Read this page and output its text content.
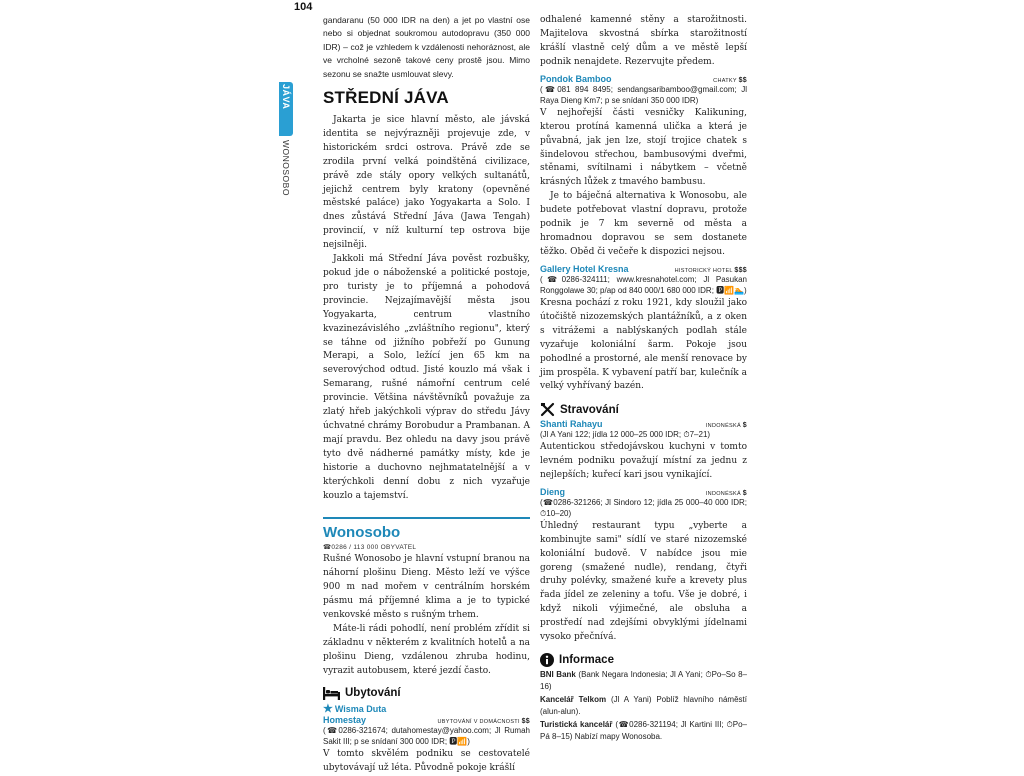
104
JÁVA
WONOSOBO

gandaranu (50 000 IDR na den) a jet po vlastní ose nebo si objednat soukromou autodopravu (350 000 IDR) – což je vzhledem k vzdálenosti nehoráznost, ale ve vrcholné sezoně takové ceny prostě jsou. Mimo sezonu se snažte usmlouvat slevy.

STŘEDNÍ JÁVA

Jakarta je sice hlavní město, ale jávská identita se nejvýrazněji projevuje zde, v historickém srdci ostrova. Právě zde se zrodila první velká poindštěná civilizace, právě zde stály opory velkých sultanátů, jejichž centrem byly kratony (opevněné městské paláce) jako Yogyakarta a Solo. I dnes zůstává Střední Jáva (Jawa Tengah) provincií, v níž kulturní tep ostrova bije nejsilněji.

Jakkoli má Střední Jáva pověst rozbušky, pokud jde o náboženské a politické postoje, pro turisty je to příjemná a pohodová provincie. Nejzajímavější města jsou Yogyakarta, centrum vlastního kvazinezávislého „zvláštního regionu", který se táhne od jižního pobřeží po Gunung Merapi, a Solo, ležící jen 65 km na severovýchod odtud. Jisté kouzlo má však i Semarang, rušné námořní centrum celé provincie. Většina návštěvníků považuje za zlatý hřeb jakýchkoli výprav do středu Jávy úchvatné chrámy Borobudur a Prambanan. A mají pravdu. Bez ohledu na davy jsou právě tyto dvě nádherné památky místy, kde je historie a duchovno nejhmatatelnější a v kterýchkoli denní dobu z nich vyzařuje kouzlo a tajemství.

Wonosobo
☎0286 / 113 000 OBYVATEL

Rušné Wonosobo je hlavní vstupní branou na náhorní plošinu Dieng. Město leží ve výšce 900 m nad mořem v centrálním horském pásmu má příjemné klima a je to typické venkovské město s rušným trhem.

Máte-li rádi pohodlí, není problém zřídit si základnu v některém z kvalitních hotelů a na plošinu Dieng, vzdálenou zhruba hodinu, vyrazit autobusem, které jezdí často.

Ubytování
★ Wisma Duta
Homestay	UBYTOVÁNÍ V DOMÁCNOSTI $$

(☎0286-321674; dutahomestay@yahoo.com; Jl Rumah Sakit III; p se snídaní 300 000 IDR; 🅿📶)

V tomto skvělém podniku se cestovatelé ubytovávají už léta. Původně pokoje krášlí

odhalené kamenné stěny a starožitnosti. Majitelova skvostná sbírka starožitností krášlí vlastně celý dům a ve městě lepší podnik nenajdete. Rezervujte předem.

Pondok Bamboo	CHATKY $$

(☎081 894 8495; sendangsaribamboo@gmail.com; Jl Raya Dieng Km7; p se snídaní 350 000 IDR)

V nejhořejší části vesničky Kalikuning, kterou protíná kamenná ulička a která je půvabná, jak jen lze, stojí trojice chatek s šindelovou střechou, bambusovými dveřmi, stěnami, svítilnami i nábytkem – včetně krásných lůžek z tmavého bambusu.

Je to báječná alternativa k Wonosobu, ale budete potřebovat vlastní dopravu, protože podnik je 7 km severně od města a hromadnou dopravou se sem dostanete těžko. Oběd či večeře k dispozici nejsou.

Gallery Hotel Kresna	HISTORICKÝ HOTEL $$$

(☎0286-324111; www.kresnahotel.com; Jl Pasukan Ronggolawe 30; p/ap od 840 000/1 680 000 IDR; 🅿📶🏊)

Kresna pochází z roku 1921, kdy sloužil jako útočiště nizozemských plantážníků, a z oken s vitrážemi a nablýskaných podlah stále vyzařuje koloniální šarm. Pokoje jsou pohodlné a prostorné, ale menší renovace by jim prospěla. K vybavení patří bar, kulečník a velký vyhřívaný bazén.

Stravování
Shanti Rahayu	INDONÉSKÁ $

(Jl A Yani 122; jídla 12 000–25 000 IDR; ⏱7–21)

Autentickou středojávskou kuchyni v tomto levném podniku považují místní za jednu z nejlepších; kuřecí kari jsou vynikající.

Dieng	INDONÉSKÁ $

(☎0286-321266; Jl Sindoro 12; jídla 25 000–40 000 IDR; ⏱10–20)

Úhledný restaurant typu „vyberte a kombinujte sami" sídlí ve staré nizozemské koloniální budově. V nabídce jsou mie goreng (smažené nudle), rendang, čtyři druhy polévky, smažené kuře a krevety plus řada jídel ze zeleniny a tofu. Vše je dobré, i když nikoli výjimečné, ale obsluha a prostředí nad zdejšími obvyklými jídelnami vysoko přečnívá.

Informace

BNI Bank (Bank Negara Indonesia; Jl A Yani; ⏱Po–So 8–16)

Kancelář Telkom (Jl A Yani) Poblíž hlavního náměstí (alun-alun).

Turistická kancelář (☎0286-321194; Jl Kartini III; ⏱Po–Pá 8–15) Nabízí mapy Wonosoba.
